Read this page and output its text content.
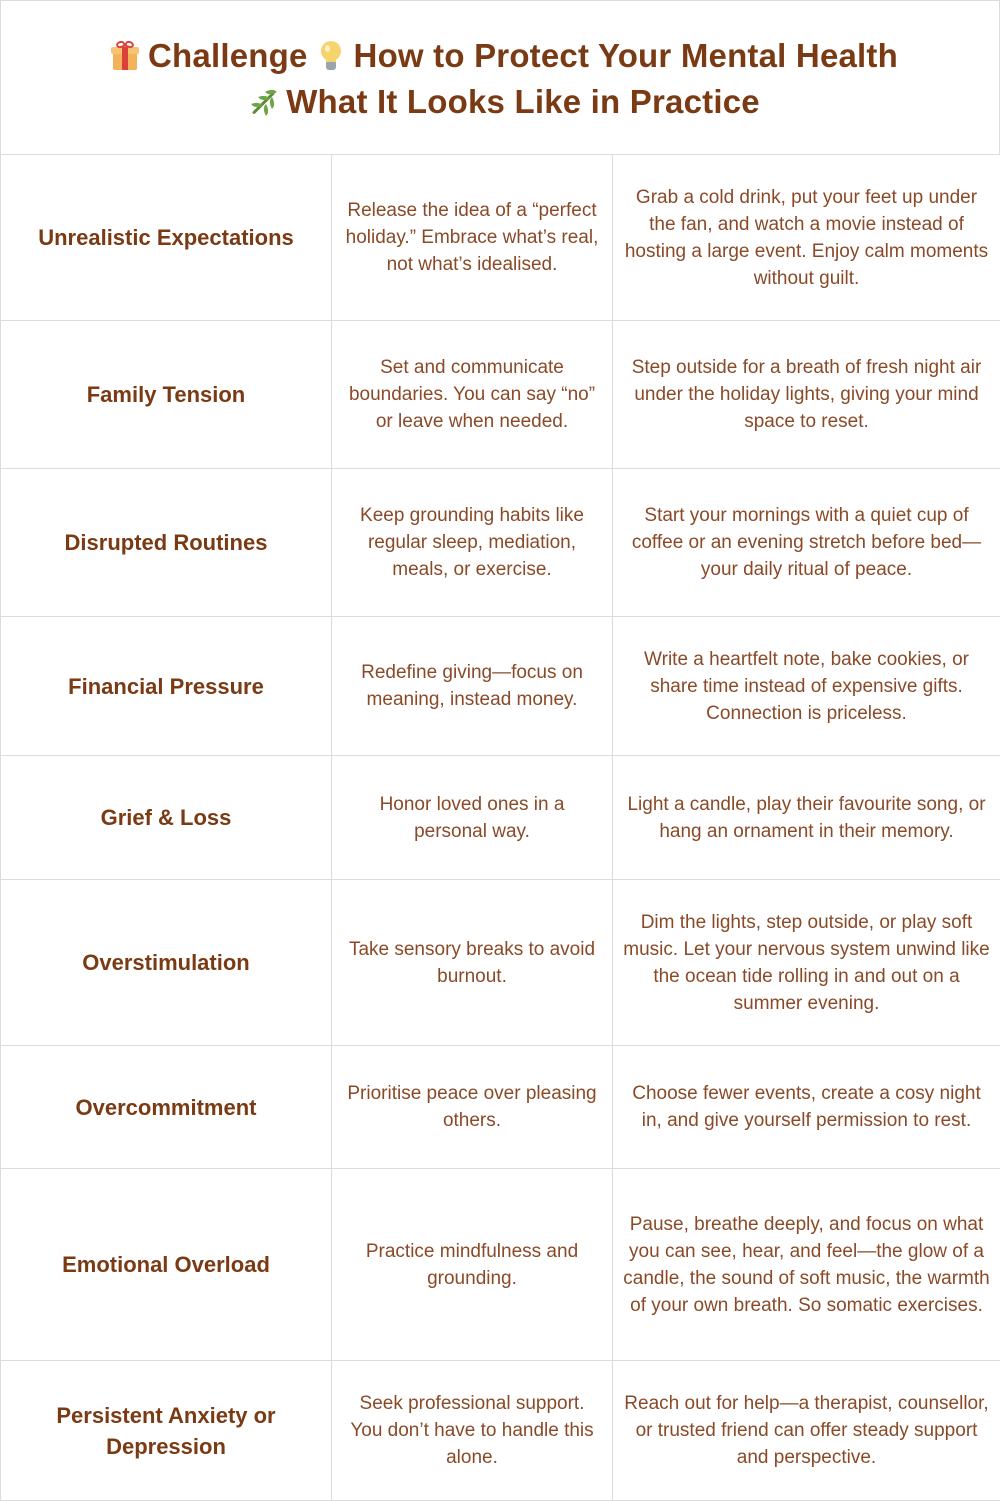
Challenge How to Protect Your Mental Health
What It Looks Like in Practice
Unrealistic Expectations	Release the idea of a “perfect holiday.” Embrace what’s real, not what’s idealised.	Grab a cold drink, put your feet up under the fan, and watch a movie instead of hosting a large event. Enjoy calm moments without guilt.
Family Tension	Set and communicate boundaries. You can say “no” or leave when needed.	Step outside for a breath of fresh night air under the holiday lights, giving your mind space to reset.
Disrupted Routines	Keep grounding habits like regular sleep, mediation, meals, or exercise.	Start your mornings with a quiet cup of coffee or an evening stretch before bed—your daily ritual of peace.
Financial Pressure	Redefine giving—focus on meaning, instead money.	Write a heartfelt note, bake cookies, or share time instead of expensive gifts. Connection is priceless.
Grief & Loss	Honor loved ones in a personal way.	Light a candle, play their favourite song, or hang an ornament in their memory.
Overstimulation	Take sensory breaks to avoid burnout.	Dim the lights, step outside, or play soft music. Let your nervous system unwind like the ocean tide rolling in and out on a summer evening.
Overcommitment	Prioritise peace over pleasing others.	Choose fewer events, create a cosy night in, and give yourself permission to rest.
Emotional Overload	Practice mindfulness and grounding.	Pause, breathe deeply, and focus on what you can see, hear, and feel—the glow of a candle, the sound of soft music, the warmth of your own breath. So somatic exercises.
Persistent Anxiety or Depression	Seek professional support. You don’t have to handle this alone.	Reach out for help—a therapist, counsellor, or trusted friend can offer steady support and perspective.
